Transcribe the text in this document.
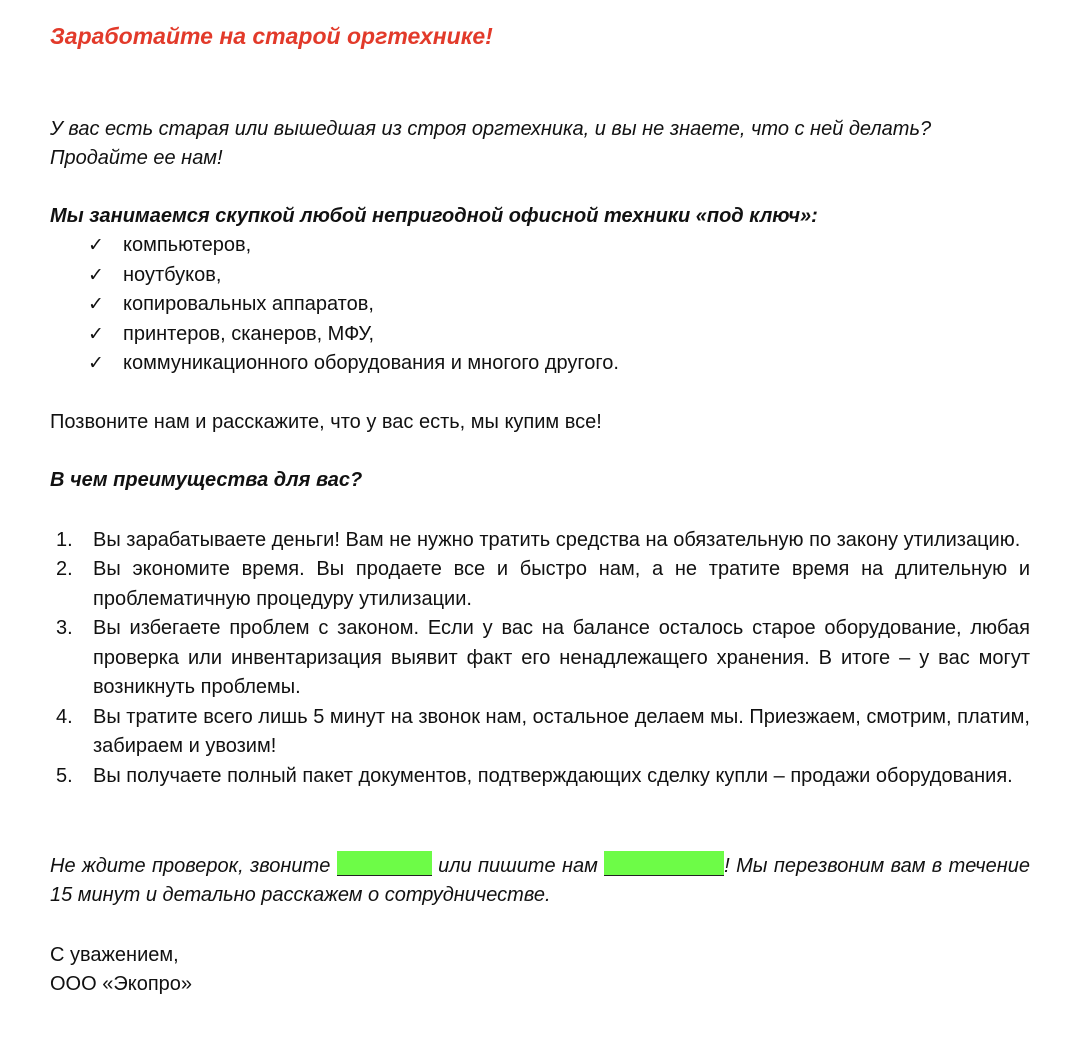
Заработайте на старой оргтехнике!

У вас есть старая или вышедшая из строя оргтехника, и вы не знаете, что с ней делать? Продайте ее нам!

Мы занимаемся скупкой любой непригодной офисной техники «под ключ»:

✓ компьютеров,
✓ ноутбуков,
✓ копировальных аппаратов,
✓ принтеров, сканеров, МФУ,
✓ коммуникационного оборудования и многого другого.

Позвоните нам и расскажите, что у вас есть, мы купим все!

В чем преимущества для вас?

1. Вы зарабатываете деньги! Вам не нужно тратить средства на обязательную по закону утилизацию.
2. Вы экономите время. Вы продаете все и быстро нам, а не тратите время на длительную и проблематичную процедуру утилизации.
3. Вы избегаете проблем с законом. Если у вас на балансе осталось старое оборудование, любая проверка или инвентаризация выявит факт его ненадлежащего хранения. В итоге – у вас могут возникнуть проблемы.
4. Вы тратите всего лишь 5 минут на звонок нам, остальное делаем мы. Приезжаем, смотрим, платим, забираем и увозим!
5. Вы получаете полный пакет документов, подтверждающих сделку купли – продажи оборудования.

Не ждите проверок, звоните	или пишите нам	! Мы перезвоним вам в течение 15 минут и детально расскажем о сотрудничестве.

С уважением,
ООО «Экопро»
